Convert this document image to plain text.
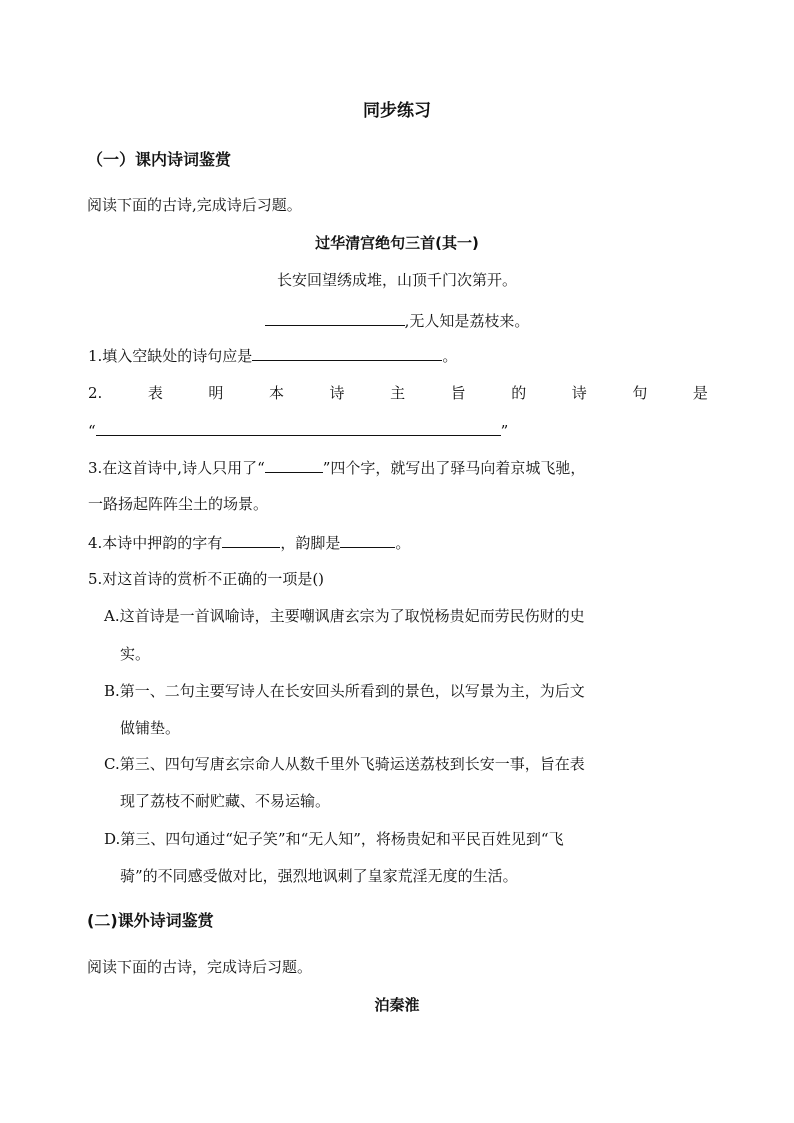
同步练习
（一）课内诗词鉴赏
阅读下面的古诗,完成诗后习题。
过华清宫绝句三首(其一)
长安回望绣成堆，山顶千门次第开。
,无人知是荔枝来。
1.填入空缺处的诗句应是	。
2.	表	明	本	诗	主	旨	的	诗	句	是
“	”
3.在这首诗中,诗人只用了“	”四个字，就写出了驿马向着京城飞驰，
一路扬起阵阵尘土的场景。
4.本诗中押韵的字有	，韵脚是	。
5.对这首诗的赏析不正确的一项是()
A.这首诗是一首讽喻诗，主要嘲讽唐玄宗为了取悦杨贵妃而劳民伤财的史
实。
B.第一、二句主要写诗人在长安回头所看到的景色，以写景为主，为后文
做铺垫。
C.第三、四句写唐玄宗命人从数千里外飞骑运送荔枝到长安一事，旨在表
现了荔枝不耐贮藏、不易运输。
D.第三、四句通过“妃子笑”和“无人知”，将杨贵妃和平民百姓见到“飞
骑”的不同感受做对比，强烈地讽刺了皇家荒淫无度的生活。
(二)课外诗词鉴赏
阅读下面的古诗，完成诗后习题。
泊秦淮
